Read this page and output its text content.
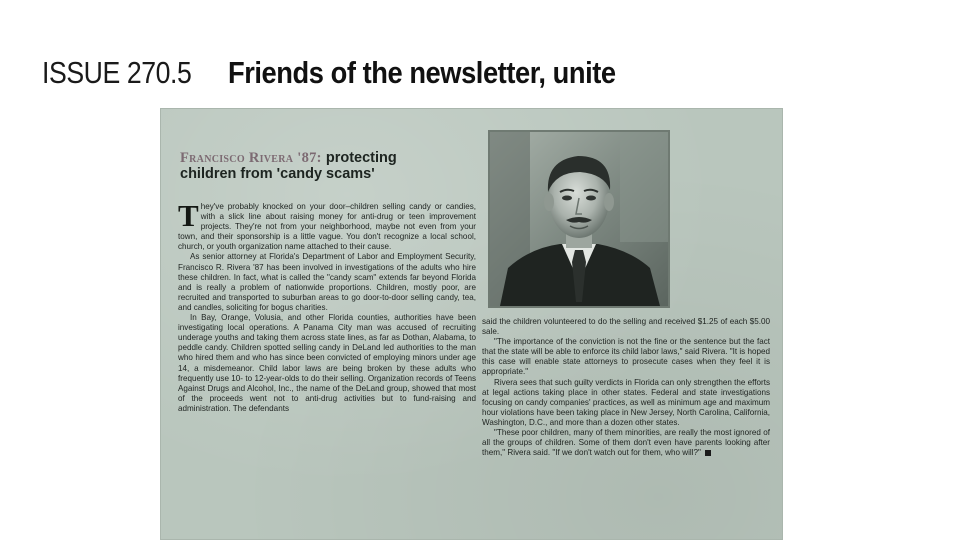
ISSUE 270.5 Friends of the newsletter, unite
Francisco Rivera '87: protecting
children from 'candy scams'

They've probably knocked on your door–children selling candy or candies, with a slick line about raising money for anti-drug or teen improvement projects. They're not from your neighborhood, maybe not even from your town, and their sponsorship is a little vague. You don't recognize a local school, church, or youth organization name attached to their cause.

As senior attorney at Florida's Department of Labor and Employment Security, Francisco R. Rivera '87 has been involved in investigations of the adults who hire these children. In fact, what is called the "candy scam" extends far beyond Florida and is really a problem of nationwide proportions. Children, mostly poor, are recruited and transported to suburban areas to go door-to-door selling candy, tea, and candles, soliciting for bogus charities.

In Bay, Orange, Volusia, and other Florida counties, authorities have been investigating local operations. A Panama City man was accused of recruiting underage youths and taking them across state lines, as far as Dothan, Alabama, to peddle candy. Children spotted selling candy in DeLand led authorities to the man who hired them and who has since been convicted of employing minors under age 14, a misdemeanor. Child labor laws are being broken by these adults who frequently use 10- to 12-year-olds to do their selling. Organization records of Teens Against Drugs and Alcohol, Inc., the name of the DeLand group, showed that most of the proceeds went not to anti-drug activities but to fund-raising and administration. The defendants

said the children volunteered to do the selling and received $1.25 of each $5.00 sale.

"The importance of the conviction is not the fine or the sentence but the fact that the state will be able to enforce its child labor laws," said Rivera. "It is hoped this case will enable state attorneys to prosecute cases when they feel it is appropriate."

Rivera sees that such guilty verdicts in Florida can only strengthen the efforts at legal actions taking place in other states. Federal and state investigations focusing on candy companies' practices, as well as minimum age and maximum hour violations have been taking place in New Jersey, North Carolina, California, Washington, D.C., and more than a dozen other states.

"These poor children, many of them minorities, are really the most ignored of all the groups of children. Some of them don't even have parents looking after them," Rivera said. "If we don't watch out for them, who will?"
